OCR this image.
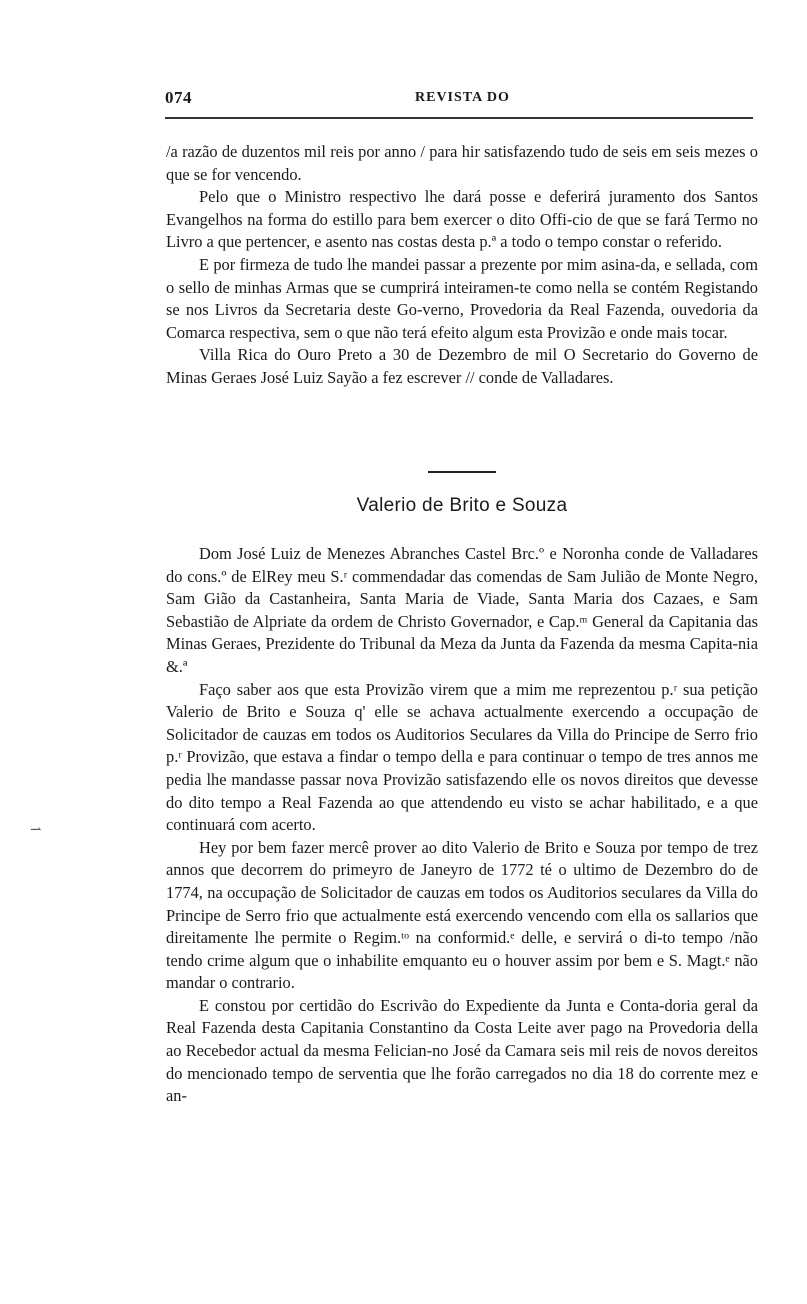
074	REVISTA DO

/a razão de duzentos mil reis por anno / para hir satisfazendo tudo de seis em seis mezes o que se for vencendo.

Pelo que o Ministro respectivo lhe dará posse e deferirá juramento dos Santos Evangelhos na forma do estillo para bem exercer o dito Offi-cio de que se fará Termo no Livro a que pertencer, e asento nas costas desta p.ª a todo o tempo constar o referido.

E por firmeza de tudo lhe mandei passar a prezente por mim asina-da, e sellada, com o sello de minhas Armas que se cumprirá inteiramen-te como nella se contém Registando se nos Livros da Secretaria deste Go-verno, Provedoria da Real Fazenda, ouvedoria da Comarca respectiva, sem o que não terá efeito algum esta Provizão e onde mais tocar.

Villa Rica do Ouro Preto a 30 de Dezembro de mil O Secretario do Governo de Minas Geraes José Luiz Sayão a fez escrever // conde de Valladares.

Valerio de Brito e Souza

Dom José Luiz de Menezes Abranches Castel Brc.º e Noronha conde de Valladares do cons.º de ElRey meu S.ʳ commendadar das comendas de Sam Julião de Monte Negro, Sam Gião da Castanheira, Santa Maria de Viade, Santa Maria dos Cazaes, e Sam Sebastião de Alpriate da ordem de Christo Governador, e Cap.ᵐ General da Capitania das Minas Geraes, Prezidente do Tribunal da Meza da Junta da Fazenda da mesma Capita-nia &.ª

Faço saber aos que esta Provizão virem que a mim me reprezentou p.ʳ sua petição Valerio de Brito e Souza q' elle se achava actualmente exercendo a occupação de Solicitador de cauzas em todos os Auditorios Seculares da Villa do Principe de Serro frio p.ʳ Provizão, que estava a findar o tempo della e para continuar o tempo de tres annos me pedia lhe mandasse passar nova Provizão satisfazendo elle os novos direitos que devesse do dito tempo a Real Fazenda ao que attendendo eu visto se achar habilitado, e a que continuará com acerto.

Hey por bem fazer mercê prover ao dito Valerio de Brito e Souza por tempo de trez annos que decorrem do primeyro de Janeyro de 1772 té o ultimo de Dezembro do de 1774, na occupação de Solicitador de cauzas em todos os Auditorios seculares da Villa do Principe de Serro frio que actualmente está exercendo vencendo com ella os sallarios que direitamente lhe permite o Regim.ᵗᵒ na conformid.ᵉ delle, e servirá o di-to tempo /não tendo crime algum que o inhabilite emquanto eu o houver assim por bem e S. Magt.ᵉ não mandar o contrario.

E constou por certidão do Escrivão do Expediente da Junta e Conta-doria geral da Real Fazenda desta Capitania Constantino da Costa Leite aver pago na Provedoria della ao Recebedor actual da mesma Felician-no José da Camara seis mil reis de novos dereitos do mencionado tempo de serventia que lhe forão carregados no dia 18 do corrente mez e an-

⇀
